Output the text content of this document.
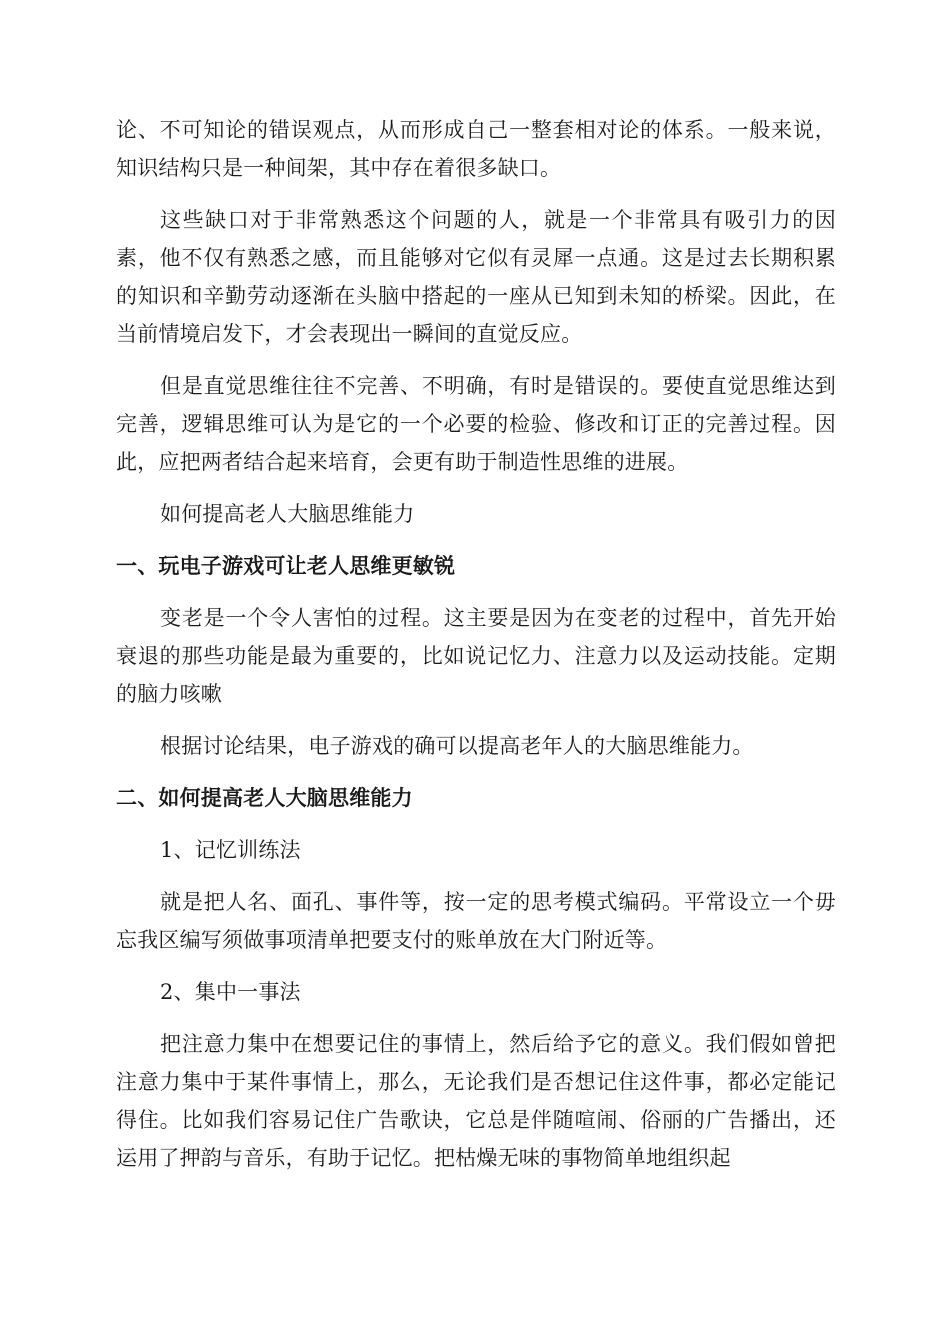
论、不可知论的错误观点，从而形成自己一整套相对论的体系。一般来说，知识结构只是一种间架，其中存在着很多缺口。

这些缺口对于非常熟悉这个问题的人，就是一个非常具有吸引力的因素，他不仅有熟悉之感，而且能够对它似有灵犀一点通。这是过去长期积累的知识和辛勤劳动逐渐在头脑中搭起的一座从已知到未知的桥梁。因此，在当前情境启发下，才会表现出一瞬间的直觉反应。

但是直觉思维往往不完善、不明确，有时是错误的。要使直觉思维达到完善，逻辑思维可认为是它的一个必要的检验、修改和订正的完善过程。因此，应把两者结合起来培育，会更有助于制造性思维的进展。

如何提高老人大脑思维能力

一、玩电子游戏可让老人思维更敏锐

变老是一个令人害怕的过程。这主要是因为在变老的过程中，首先开始衰退的那些功能是最为重要的，比如说记忆力、注意力以及运动技能。定期的脑力咳嗽

根据讨论结果，电子游戏的确可以提高老年人的大脑思维能力。

二、如何提高老人大脑思维能力

1、记忆训练法

就是把人名、面孔、事件等，按一定的思考模式编码。平常设立一个毋忘我区编写须做事项清单把要支付的账单放在大门附近等。

2、集中一事法

把注意力集中在想要记住的事情上，然后给予它的意义。我们假如曾把注意力集中于某件事情上，那么，无论我们是否想记住这件事，都必定能记得住。比如我们容易记住广告歌诀，它总是伴随喧闹、俗丽的广告播出，还运用了押韵与音乐，有助于记忆。把枯燥无味的事物简单地组织起
